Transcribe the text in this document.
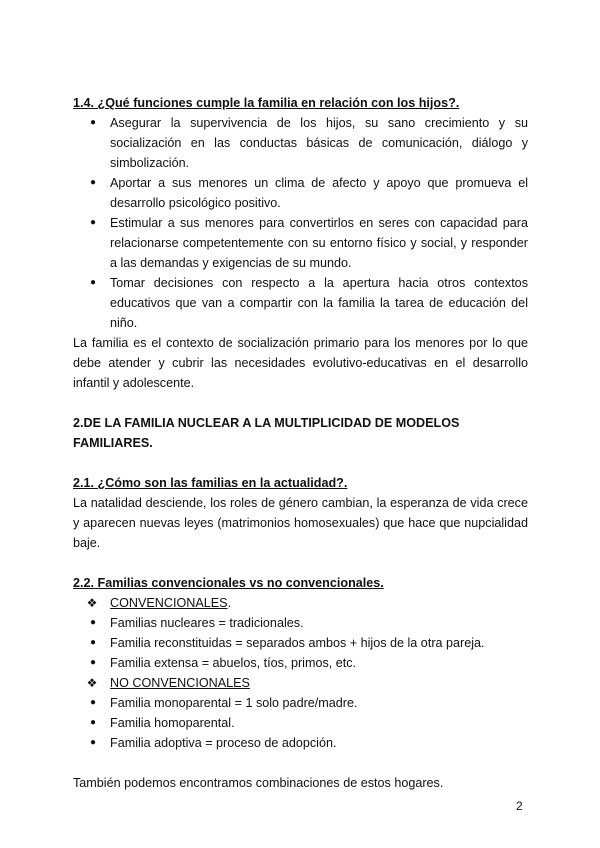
1.4. ¿Qué funciones cumple la familia en relación con los hijos?.

●	Asegurar la supervivencia de los hijos, su sano crecimiento y su socialización en las conductas básicas de comunicación, diálogo y simbolización.
●	Aportar a sus menores un clima de afecto y apoyo que promueva el desarrollo psicológico positivo.
●	Estimular a sus menores para convertirlos en seres con capacidad para relacionarse competentemente con su entorno físico y social, y responder a las demandas y exigencias de su mundo.
●	Tomar decisiones con respecto a la apertura hacia otros contextos educativos que van a compartir con la familia la tarea de educación del niño.

La familia es el contexto de socialización primario para los menores por lo que debe atender y cubrir las necesidades evolutivo-educativas en el desarrollo infantil y adolescente.

2.DE LA FAMILIA NUCLEAR A LA MULTIPLICIDAD DE MODELOS FAMILIARES.

2.1. ¿Cómo son las familias en la actualidad?.

La natalidad desciende, los roles de género cambian, la esperanza de vida crece y aparecen nuevas leyes (matrimonios homosexuales) que hace que nupcialidad baje.

2.2. Familias convencionales vs no convencionales.

❖ CONVENCIONALES.
●	Familias nucleares = tradicionales.
●	Familia reconstituidas = separados ambos + hijos de la otra pareja.
●	Familia extensa = abuelos, tíos, primos, etc.
❖ NO CONVENCIONALES
●	Familia monoparental = 1 solo padre/madre.
●	Familia homoparental.
●	Familia adoptiva = proceso de adopción.

También podemos encontramos combinaciones de estos hogares.

2
